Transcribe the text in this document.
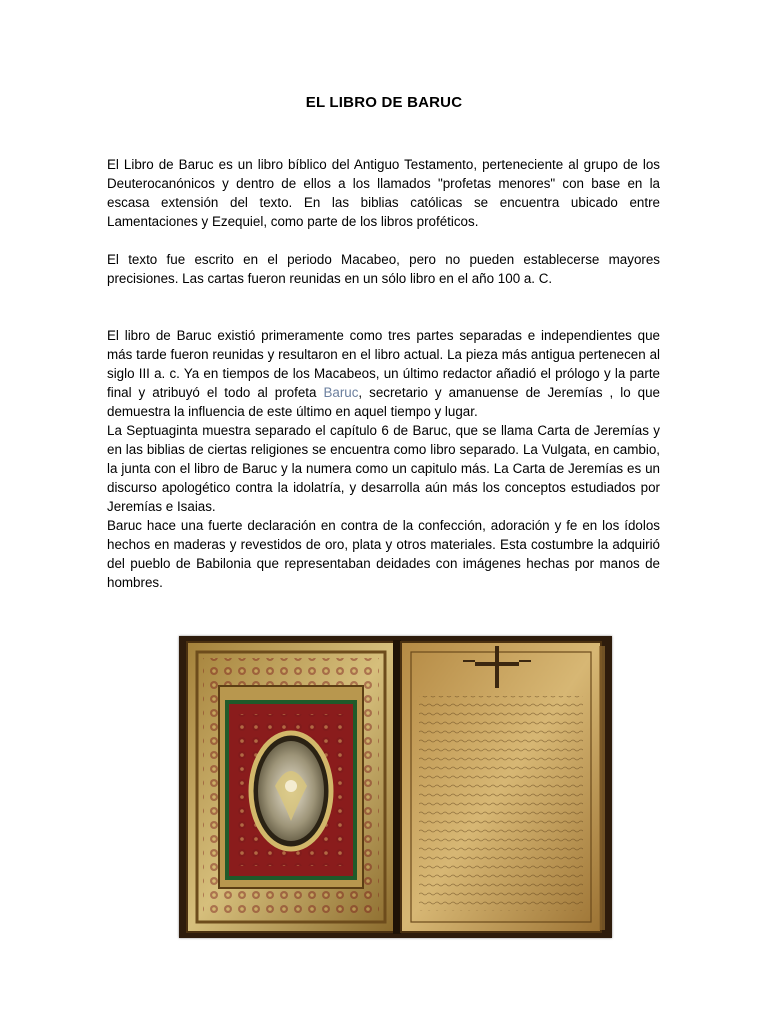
EL LIBRO DE BARUC

El Libro de Baruc es un libro bíblico del Antiguo Testamento, perteneciente al grupo de los Deuterocanónicos y dentro de ellos a los llamados "profetas menores" con base en la escasa extensión del texto. En las biblias católicas se encuentra ubicado entre Lamentaciones y Ezequiel, como parte de los libros proféticos.

El texto fue escrito en el periodo Macabeo, pero no pueden establecerse mayores precisiones. Las cartas fueron reunidas en un sólo libro en el año 100 a. C.

El libro de Baruc existió primeramente como tres partes separadas e independientes que más tarde fueron reunidas y resultaron en el libro actual. La pieza más antigua pertenecen al siglo III a. c. Ya en tiempos de los Macabeos, un último redactor añadió el prólogo y la parte final y atribuyó el todo al profeta Baruc, secretario y amanuense de Jeremías , lo que demuestra la influencia de este último en aquel tiempo y lugar.

La Septuaginta muestra separado el capítulo 6 de Baruc, que se llama Carta de Jeremías y en las biblias de ciertas religiones se encuentra como libro separado. La Vulgata, en cambio, la junta con el libro de Baruc y la numera como un capitulo más. La Carta de Jeremías es un discurso apologético contra la idolatría, y desarrolla aún más los conceptos estudiados por Jeremías e Isaias.

Baruc hace una fuerte declaración en contra de la confección, adoración y fe en los ídolos hechos en maderas y revestidos de oro, plata y otros materiales. Esta costumbre la adquirió del pueblo de Babilonia que representaban deidades con imágenes hechas por manos de hombres.
